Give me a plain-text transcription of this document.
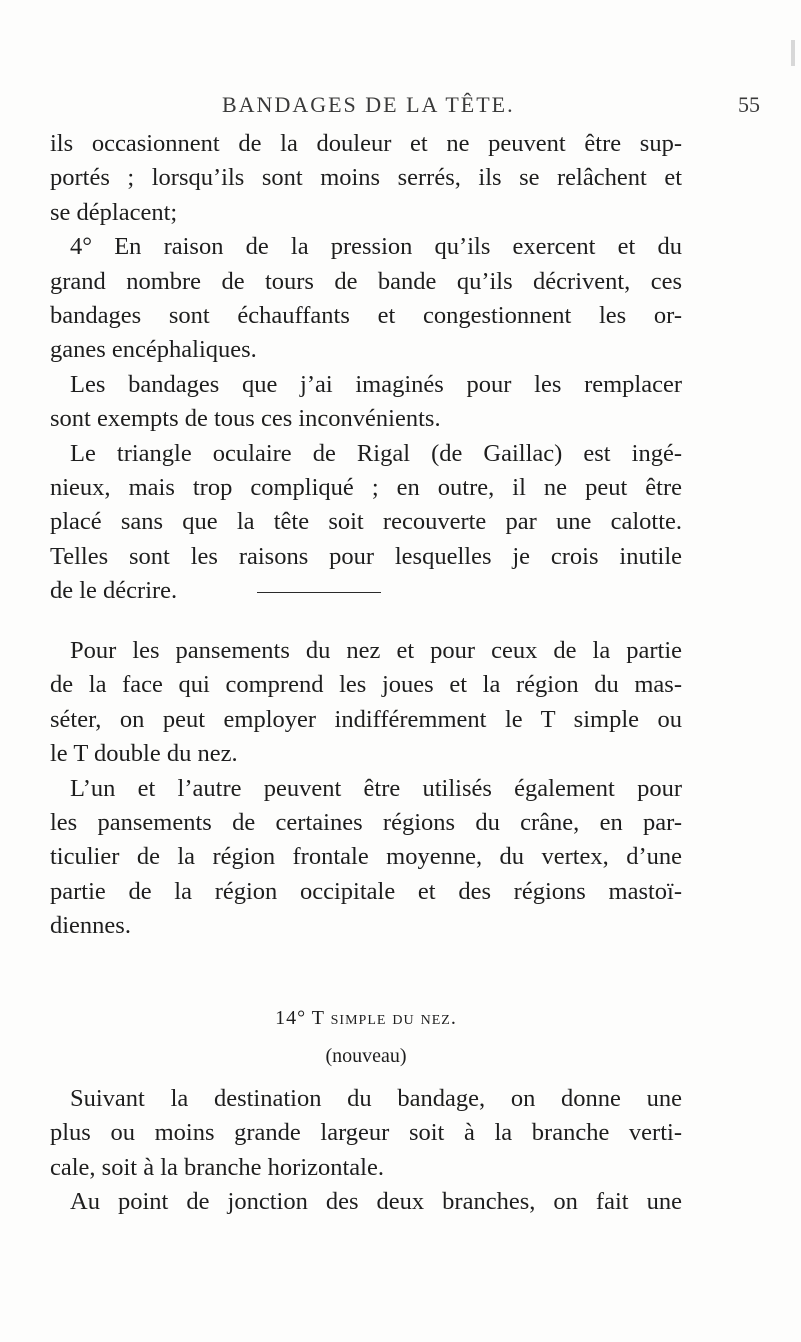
BANDAGES DE LA TÊTE.	55
ils occasionnent de la douleur et ne peuvent être sup-
portés ; lorsqu’ils sont moins serrés, ils se relâchent et
se déplacent;
4° En raison de la pression qu’ils exercent et du
grand nombre de tours de bande qu’ils décrivent, ces
bandages sont échauffants et congestionnent les or-
ganes encéphaliques.
Les bandages que j’ai imaginés pour les remplacer
sont exempts de tous ces inconvénients.
Le triangle oculaire de Rigal (de Gaillac) est ingé-
nieux, mais trop compliqué ; en outre, il ne peut être
placé sans que la tête soit recouverte par une calotte.
Telles sont les raisons pour lesquelles je crois inutile
de le décrire.
Pour les pansements du nez et pour ceux de la partie
de la face qui comprend les joues et la région du mas-
séter, on peut employer indifféremment le T simple ou
le T double du nez.
L’un et l’autre peuvent être utilisés également pour
les pansements de certaines régions du crâne, en par-
ticulier de la région frontale moyenne, du vertex, d’une
partie de la région occipitale et des régions mastoï-
diennes.
14° T simple du nez.
(nouveau)
Suivant la destination du bandage, on donne une
plus ou moins grande largeur soit à la branche verti-
cale, soit à la branche horizontale.
Au point de jonction des deux branches, on fait une
